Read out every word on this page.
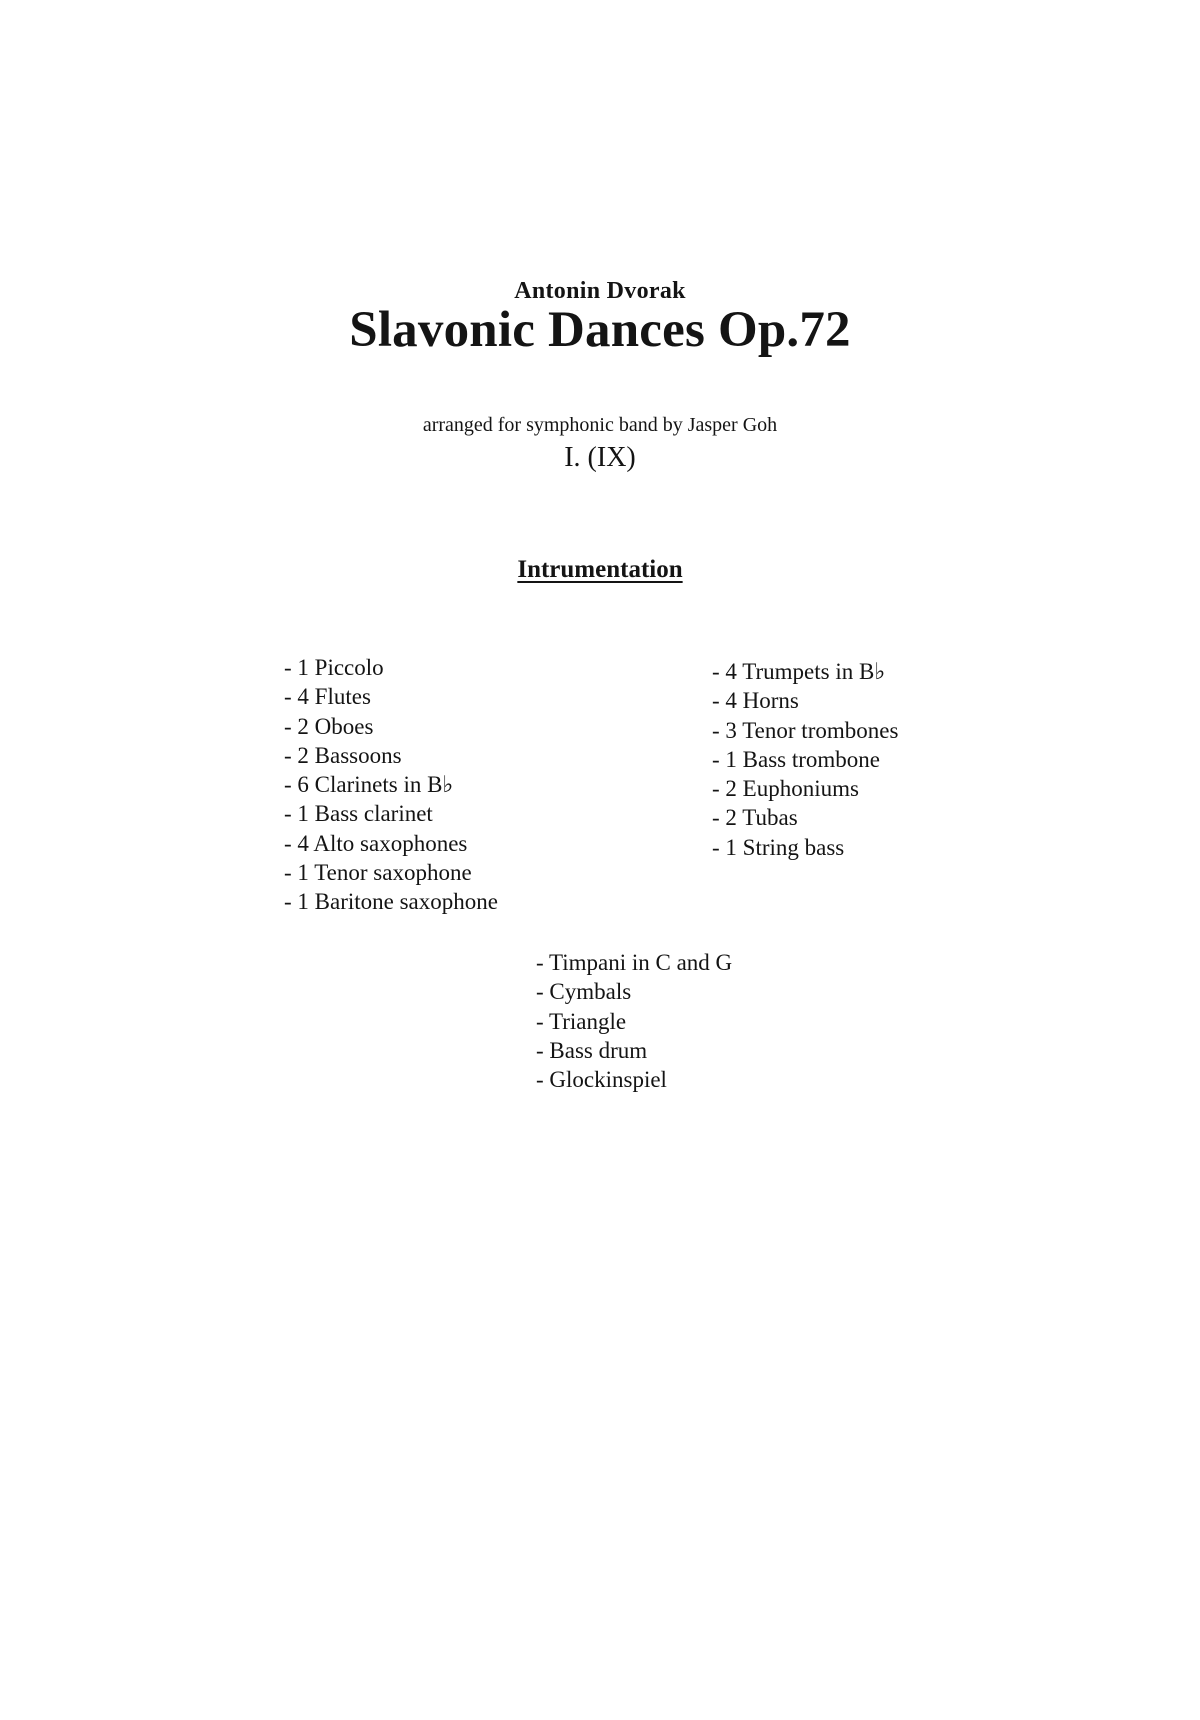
Antonin Dvorak
Slavonic Dances Op.72
arranged for symphonic band by Jasper Goh
I. (IX)
Intrumentation
- 1 Piccolo
- 4 Flutes
- 2 Oboes
- 2 Bassoons
- 6 Clarinets in B♭
- 1 Bass clarinet
- 4 Alto saxophones
- 1 Tenor saxophone
- 1 Baritone saxophone
- 4 Trumpets in B♭
- 4 Horns
- 3 Tenor trombones
- 1 Bass trombone
- 2 Euphoniums
- 2 Tubas
- 1 String bass
- Timpani in C and G
- Cymbals
- Triangle
- Bass drum
- Glockinspiel
